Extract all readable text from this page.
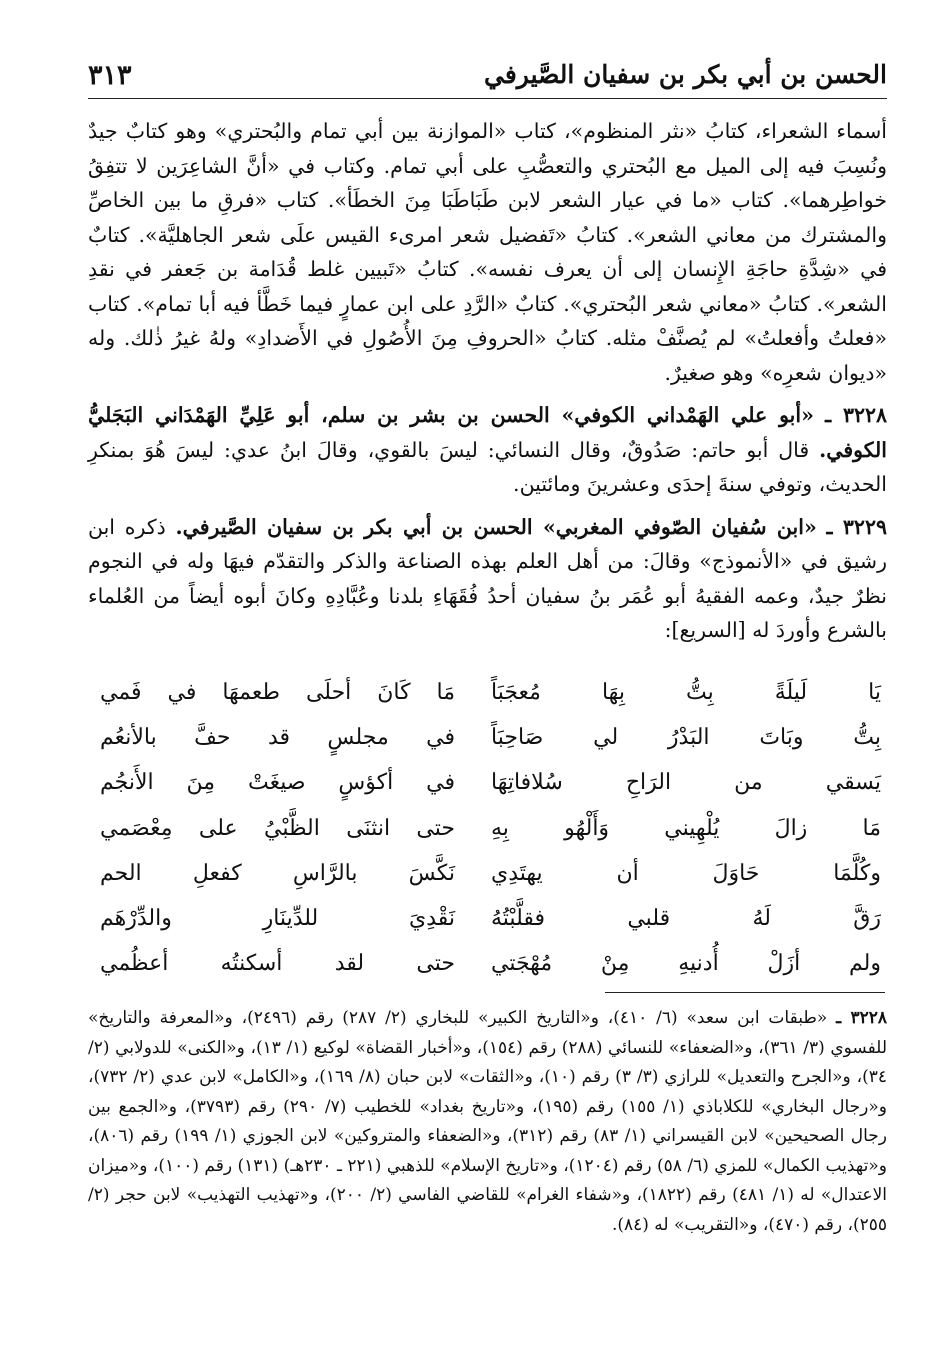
الحسن بن أبي بكر بن سفيان الصَّيرفي
٣١٣

أسماء الشعراء، كتابُ «نثر المنظوم»، كتاب «الموازنة بين أبي تمام والبُحتري» وهو كتابٌ جيدٌ ونُسِبَ فيه إلى الميل مع البُحتري والتعصُّبِ على أبي تمام. وكتاب في «أنَّ الشاعِرَين لا تتفِقُ خواطِرهما». كتاب «ما في عيار الشعر لابن طَبَاطَبَا مِنَ الخطَأ». كتاب «فرقِ ما بين الخاصِّ والمشترك من معاني الشعر». كتابُ «تَفضيل شعر امرىء القيس علَى شعر الجاهليَّة». كتابٌ في «شِدَّةِ حاجَةِ الإِنسان إلى أن يعرف نفسه». كتابُ «تَبيين غلط قُدَامة بن جَعفر في نقدِ الشعر». كتابُ «معاني شعر البُحتري». كتابٌ «الرَّدِ على ابن عمارٍ فيما خَطَّأ فيه أبا تمام». كتاب «فعلتُ وأفعلتُ» لم يُصنَّفْ مثله. كتابُ «الحروفِ مِنَ الأُصُولِ في الأَضدادِ» ولهُ غيرُ ذٰلك. وله «ديوان شعرِه» وهو صغيرٌ.

٣٢٢٨ ـ «أبو علي الهَمْداني الكوفي» الحسن بن بشر بن سلم، أبو عَلِيِّ الهَمْدَاني البَجَليُّ الكوفي. قال أبو حاتم: صَدُوقٌ، وقال النسائي: ليسَ بالقوي، وقالَ ابنُ عدي: ليسَ هُوَ بمنكرِ الحديث، وتوفي سنةَ إحدَى وعشرينَ ومائتين.

٣٢٢٩ ـ «ابن سُفيان الصّوفي المغربي» الحسن بن أبي بكر بن سفيان الصَّيرفي. ذكره ابن رشيق في «الأنموذج» وقالَ: من أهل العلم بهذه الصناعة والذكر والتقدّم فيهَا وله في النجوم نظرٌ جيدٌ، وعمه الفقيهُ أبو عُمَر بنُ سفيان أحدُ فُقَهَاءِ بلدنا وعُبَّادِهِ وكانَ أبوه أيضاً من العُلماء بالشرع وأوردَ له [السريع]:

يَا لَيلَةً بِتُّ بِهَا مُعجَبَاً
مَا كَانَ أحلَى طعمهَا في فَمي
بِتُّ وبَاتَ البَدْرُ لي صَاحِبَاً
في مجلسٍ قد حفَّ بالأنعُم
يَسقي من الرَاحِ سُلافاتِهَا
في أكؤسٍ صيغَتْ مِنَ الأَنجُم
مَا زالَ يُلْهِيني وَأَلْهُو بِهِ
حتى انثنَى الظَّبْيُ على مِعْصَمي
وكُلَّمَا حَاوَلَ أن يهتَدِي
نَكَّسَ بالرَّاسِ كفعلِ الحم
رَقَّ لَهُ قلبي فقلَّبْتُهُ
نَقْدِيَ للدِّينَارِ والدِّرْهَم
ولم أزَلْ أُدنيهِ مِنْ مُهْجَتي
حتى لقد أسكنتُه أعظُمي

٣٢٢٨ ـ «طبقات ابن سعد» (٦/ ٤١٠)، و«التاريخ الكبير» للبخاري (٢/ ٢٨٧) رقم (٢٤٩٦)، و«المعرفة والتاريخ» للفسوي (٣/ ٣٦١)، و«الضعفاء» للنسائي (٢٨٨) رقم (١٥٤)، و«أخبار القضاة» لوكيع (١/ ١٣)، و«الكنى» للدولابي (٢/ ٣٤)، و«الجرح والتعديل» للرازي (٣/ ٣) رقم (١٠)، و«الثقات» لابن حبان (٨/ ١٦٩)، و«الكامل» لابن عدي (٢/ ٧٣٢)، و«رجال البخاري» للكلاباذي (١/ ١٥٥) رقم (١٩٥)، و«تاريخ بغداد» للخطيب (٧/ ٢٩٠) رقم (٣٧٩٣)، و«الجمع بين رجال الصحيحين» لابن القيسراني (١/ ٨٣) رقم (٣١٢)، و«الضعفاء والمتروكين» لابن الجوزي (١/ ١٩٩) رقم (٨٠٦)، و«تهذيب الكمال» للمزي (٦/ ٥٨) رقم (١٢٠٤)، و«تاريخ الإسلام» للذهبي (٢٢١ ـ ٢٣٠هـ) (١٣١) رقم (١٠٠)، و«ميزان الاعتدال» له (١/ ٤٨١) رقم (١٨٢٢)، و«شفاء الغرام» للقاضي الفاسي (٢/ ٢٠٠)، و«تهذيب التهذيب» لابن حجر (٢/ ٢٥٥)، رقم (٤٧٠)، و«التقريب» له (٨٤).
